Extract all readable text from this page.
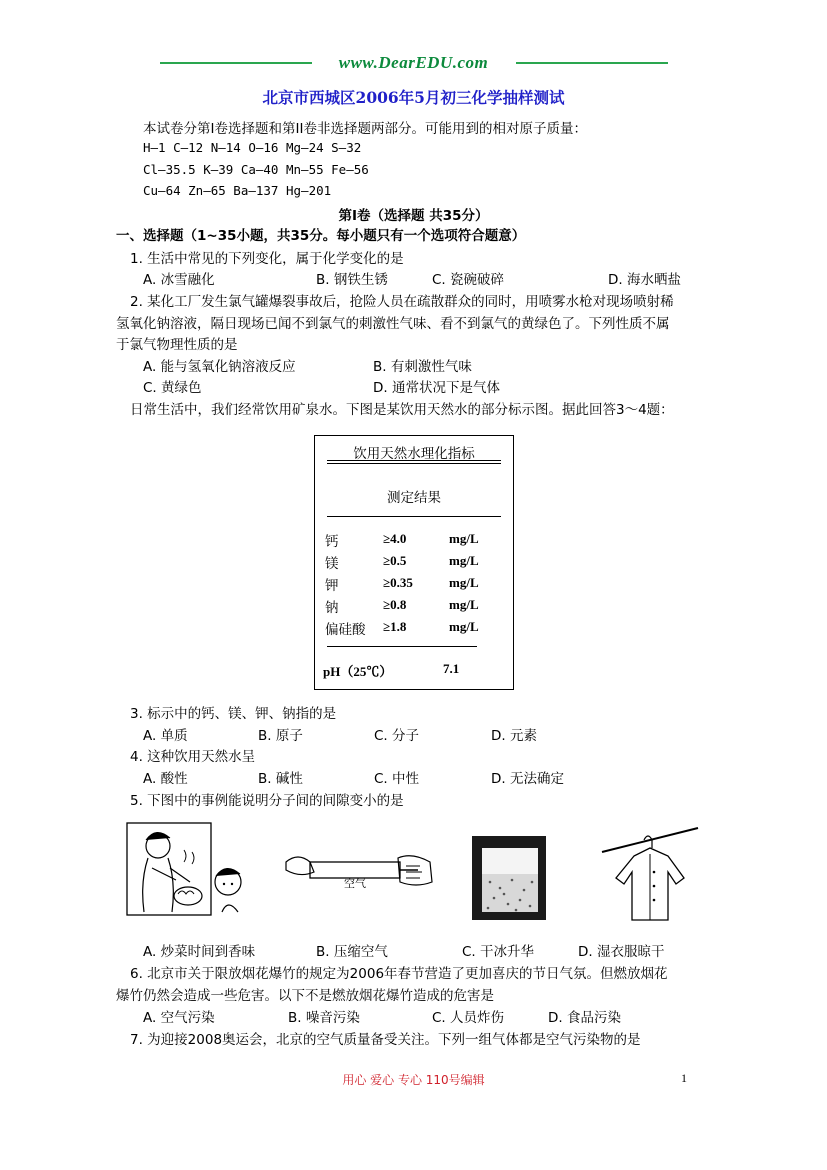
www.DearEDU.com
北京市西城区2006年5月初三化学抽样测试
本试卷分第I卷选择题和第II卷非选择题两部分。可能用到的相对原子质量：
H—1 C—12 N—14 O—16 Mg—24 S—32
Cl—35.5 K—39 Ca—40 Mn—55 Fe—56
Cu—64 Zn—65 Ba—137 Hg—201
第Ⅰ卷（选择题 共35分）
一、选择题（1~35小题，共35分。每小题只有一个选项符合题意）
1. 生活中常见的下列变化，属于化学变化的是
A. 冰雪融化	B. 钢铁生锈	C. 瓷碗破碎	D. 海水晒盐
2. 某化工厂发生氯气罐爆裂事故后，抢险人员在疏散群众的同时，用喷雾水枪对现场喷射稀
氢氧化钠溶液，隔日现场已闻不到氯气的刺激性气味、看不到氯气的黄绿色了。下列性质不属
于氯气物理性质的是
A. 能与氢氧化钠溶液反应	B. 有刺激性气味
C. 黄绿色	D. 通常状况下是气体
日常生活中，我们经常饮用矿泉水。下图是某饮用天然水的部分标示图。据此回答3～4题：
饮用天然水理化指标
测定结果
钙	≥4.0	mg/L
镁	≥0.5	mg/L
钾	≥0.35	mg/L
钠	≥0.8	mg/L
偏硅酸 ≥1.8	mg/L
pH（25℃）	7.1
3. 标示中的钙、镁、钾、钠指的是
A. 单质	B. 原子	C. 分子	D. 元素
4. 这种饮用天然水呈
A. 酸性	B. 碱性	C. 中性	D. 无法确定
5. 下图中的事例能说明分子间的间隙变小的是
空气
A. 炒菜时间到香味	B. 压缩空气	C. 干冰升华	D. 湿衣服晾干
6. 北京市关于限放烟花爆竹的规定为2006年春节营造了更加喜庆的节日气氛。但燃放烟花
爆竹仍然会造成一些危害。以下不是燃放烟花爆竹造成的危害是
A. 空气污染	B. 噪音污染	C. 人员炸伤	D. 食品污染
7. 为迎接2008奥运会，北京的空气质量备受关注。下列一组气体都是空气污染物的是
用心 爱心 专心 110号编辑	1
